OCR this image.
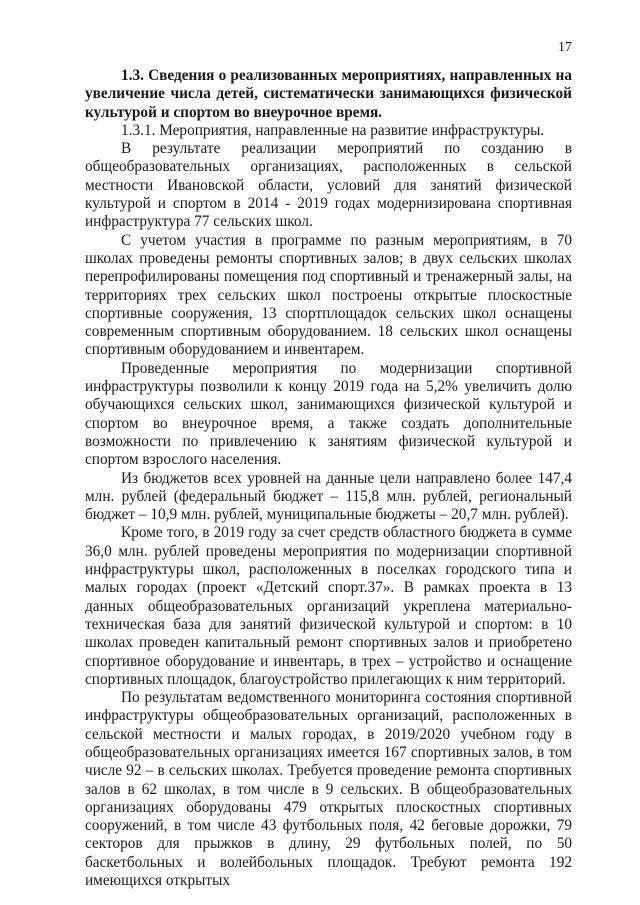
17
1.3. Сведения о реализованных мероприятиях, направленных на увеличение числа детей, систематически занимающихся физической культурой и спортом во внеурочное время.

1.3.1. Мероприятия, направленные на развитие инфраструктуры.

В результате реализации мероприятий по созданию в общеобразовательных организациях, расположенных в сельской местности Ивановской области, условий для занятий физической культурой и спортом в 2014 - 2019 годах модернизирована спортивная инфраструктура 77 сельских школ.

С учетом участия в программе по разным мероприятиям, в 70 школах проведены ремонты спортивных залов; в двух сельских школах перепрофилированы помещения под спортивный и тренажерный залы, на территориях трех сельских школ построены открытые плоскостные спортивные сооружения, 13 спортплощадок сельских школ оснащены современным спортивным оборудованием. 18 сельских школ оснащены спортивным оборудованием и инвентарем.

Проведенные мероприятия по модернизации спортивной инфраструктуры позволили к концу 2019 года на 5,2% увеличить долю обучающихся сельских школ, занимающихся физической культурой и спортом во внеурочное время, а также создать дополнительные возможности по привлечению к занятиям физической культурой и спортом взрослого населения.

Из бюджетов всех уровней на данные цели направлено более 147,4 млн. рублей (федеральный бюджет – 115,8 млн. рублей, региональный бюджет – 10,9 млн. рублей, муниципальные бюджеты – 20,7 млн. рублей).

Кроме того, в 2019 году за счет средств областного бюджета в сумме 36,0 млн. рублей проведены мероприятия по модернизации спортивной инфраструктуры школ, расположенных в поселках городского типа и малых городах (проект «Детский спорт.37». В рамках проекта в 13 данных общеобразовательных организаций укреплена материально-техническая база для занятий физической культурой и спортом: в 10 школах проведен капитальный ремонт спортивных залов и приобретено спортивное оборудование и инвентарь, в трех – устройство и оснащение спортивных площадок, благоустройство прилегающих к ним территорий.

По результатам ведомственного мониторинга состояния спортивной инфраструктуры общеобразовательных организаций, расположенных в сельской местности и малых городах, в 2019/2020 учебном году в общеобразовательных организациях имеется 167 спортивных залов, в том числе 92 – в сельских школах. Требуется проведение ремонта спортивных залов в 62 школах, в том числе в 9 сельских. В общеобразовательных организациях оборудованы 479 открытых плоскостных спортивных сооружений, в том числе 43 футбольных поля, 42 беговые дорожки, 79 секторов для прыжков в длину, 29 футбольных полей, по 50 баскетбольных и волейбольных площадок. Требуют ремонта 192 имеющихся открытых
